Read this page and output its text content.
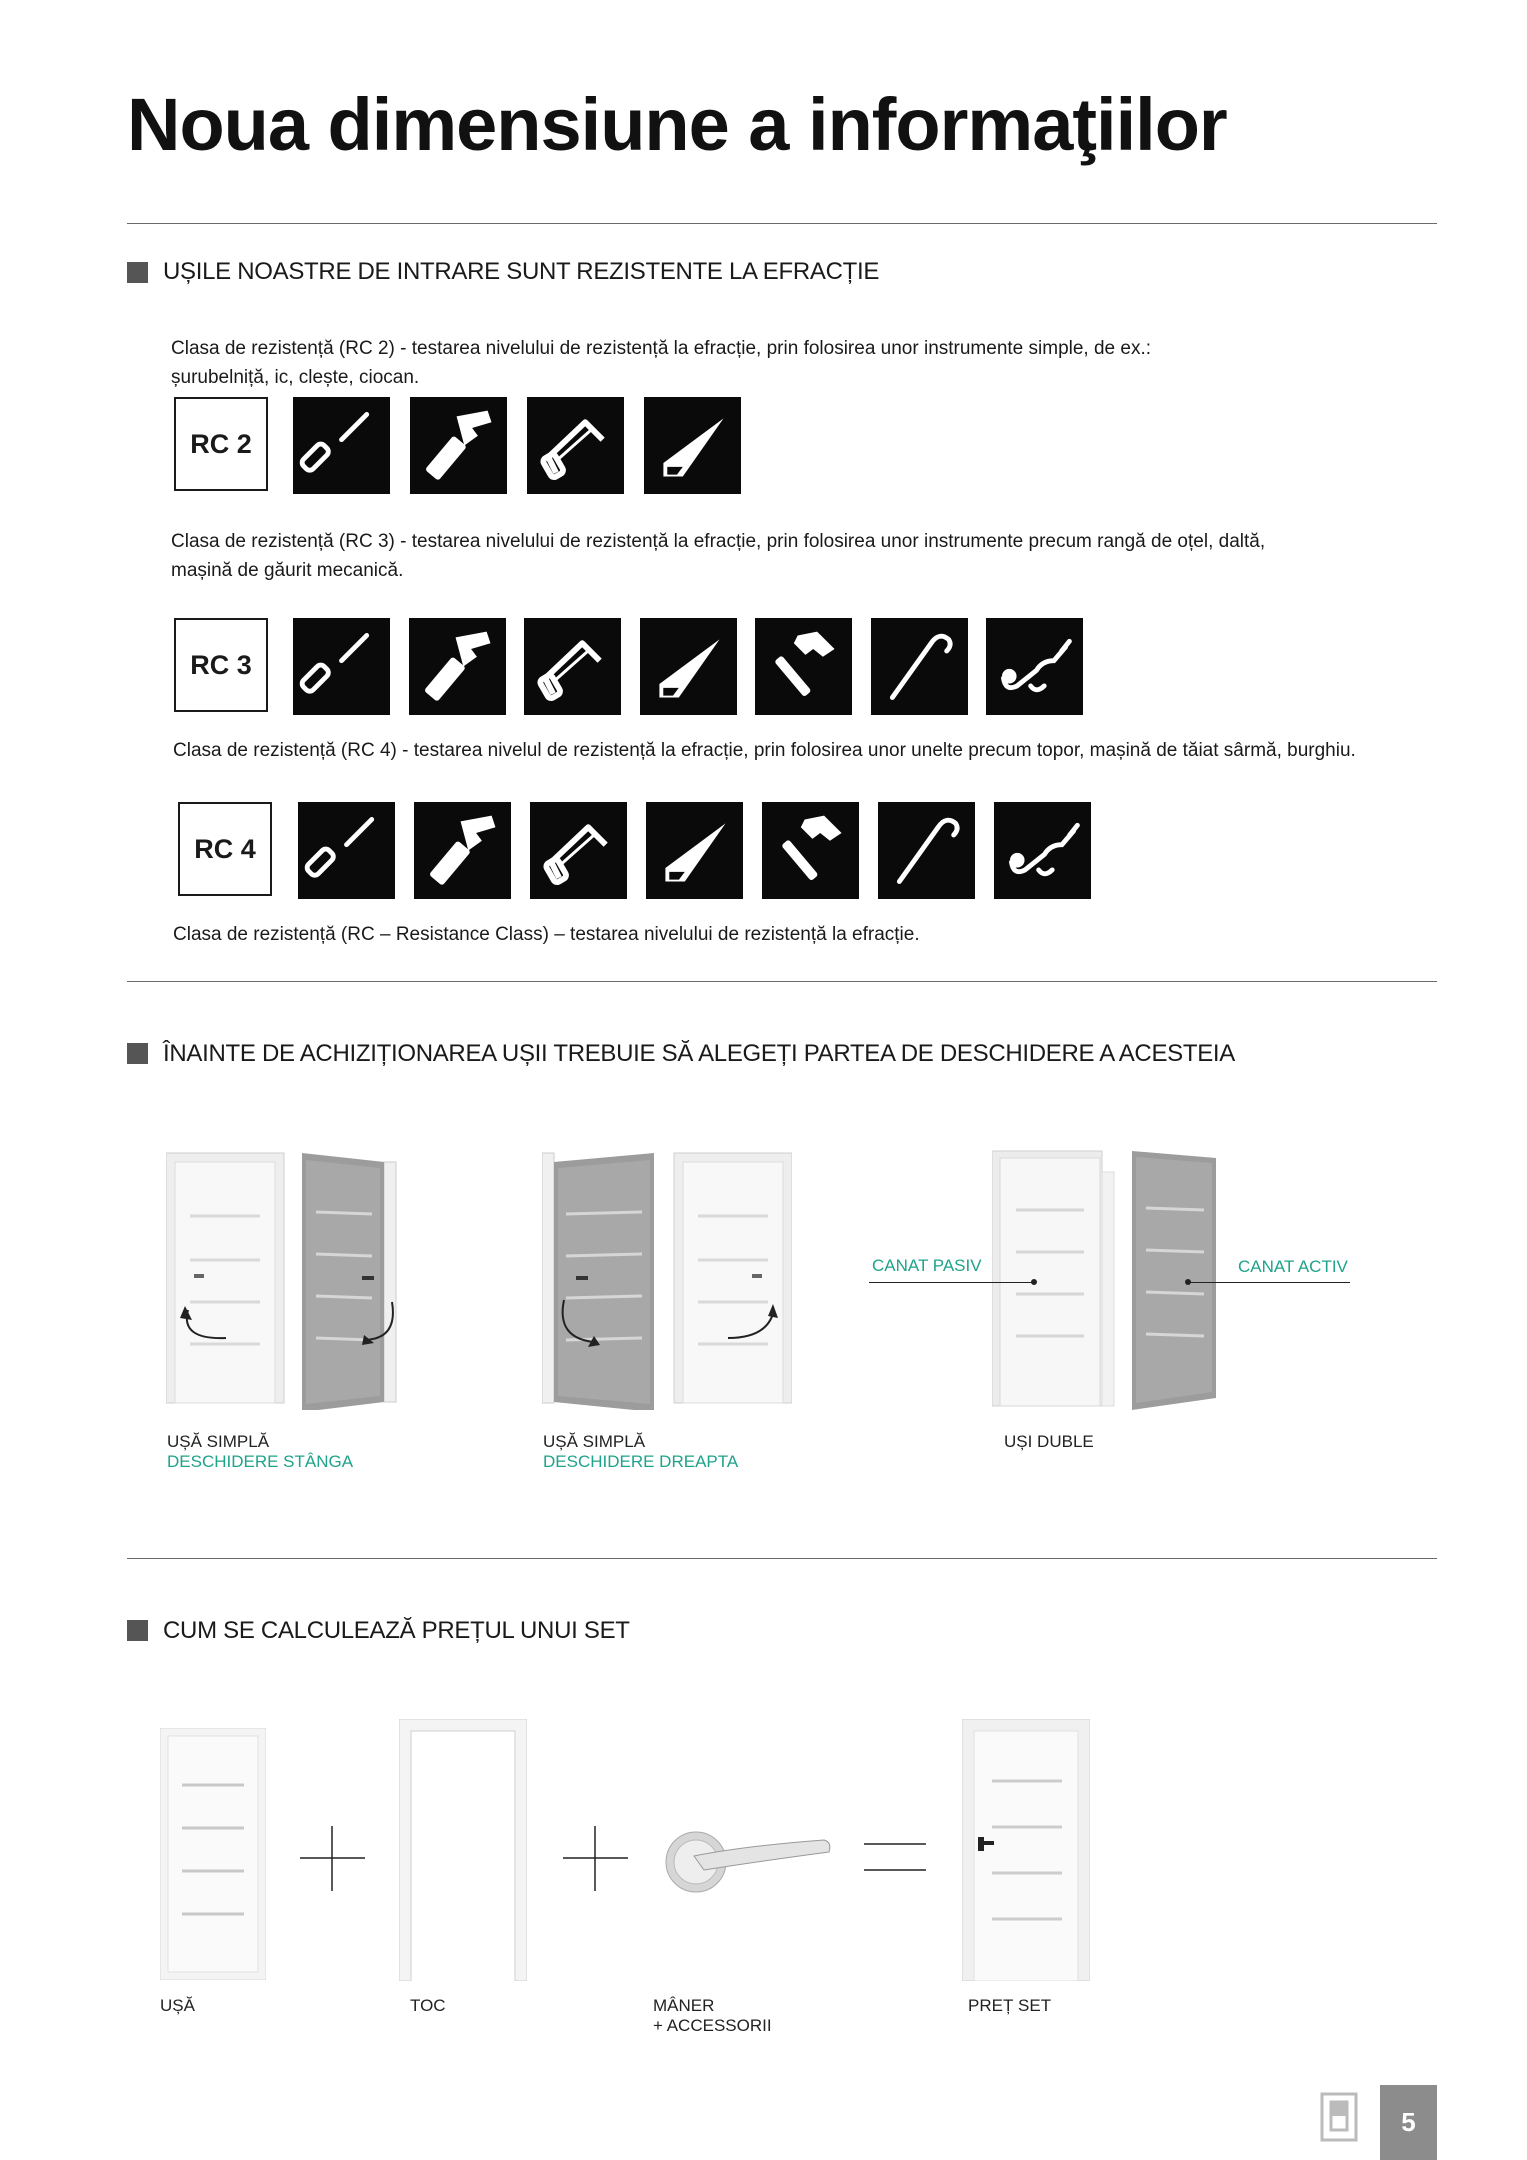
Noua dimensiune a informaţiilor
UȘILE NOASTRE DE INTRARE SUNT REZISTENTE LA EFRACȚIE
Clasa de rezistență (RC 2) - testarea nivelului de rezistență la efracție, prin folosirea unor instrumente simple, de ex.:
șurubelniță, ic, clește, ciocan.
RC 2
Clasa de rezistență (RC 3) - testarea nivelului de rezistență la efracție, prin folosirea unor instrumente precum rangă de oțel, daltă,
mașină de găurit mecanică.
RC 3
Clasa de rezistență (RC 4) - testarea nivelul de rezistență la efracție, prin folosirea unor unelte precum topor, mașină de tăiat sârmă, burghiu.
RC 4
Clasa de rezistență (RC – Resistance Class) – testarea nivelului de rezistență la efracție.
ÎNAINTE DE ACHIZIȚIONAREA UȘII TREBUIE SĂ ALEGEȚI PARTEA DE DESCHIDERE A ACESTEIA
CANAT PASIV	CANAT ACTIV
UȘĂ SIMPLĂ
DESCHIDERE STÂNGA
UȘĂ SIMPLĂ
DESCHIDERE DREAPTA
UȘI DUBLE
CUM SE CALCULEAZĂ PREȚUL UNUI SET
UȘĂ	TOC	MÂNER
+ ACCESSORII
PREȚ SET
5
